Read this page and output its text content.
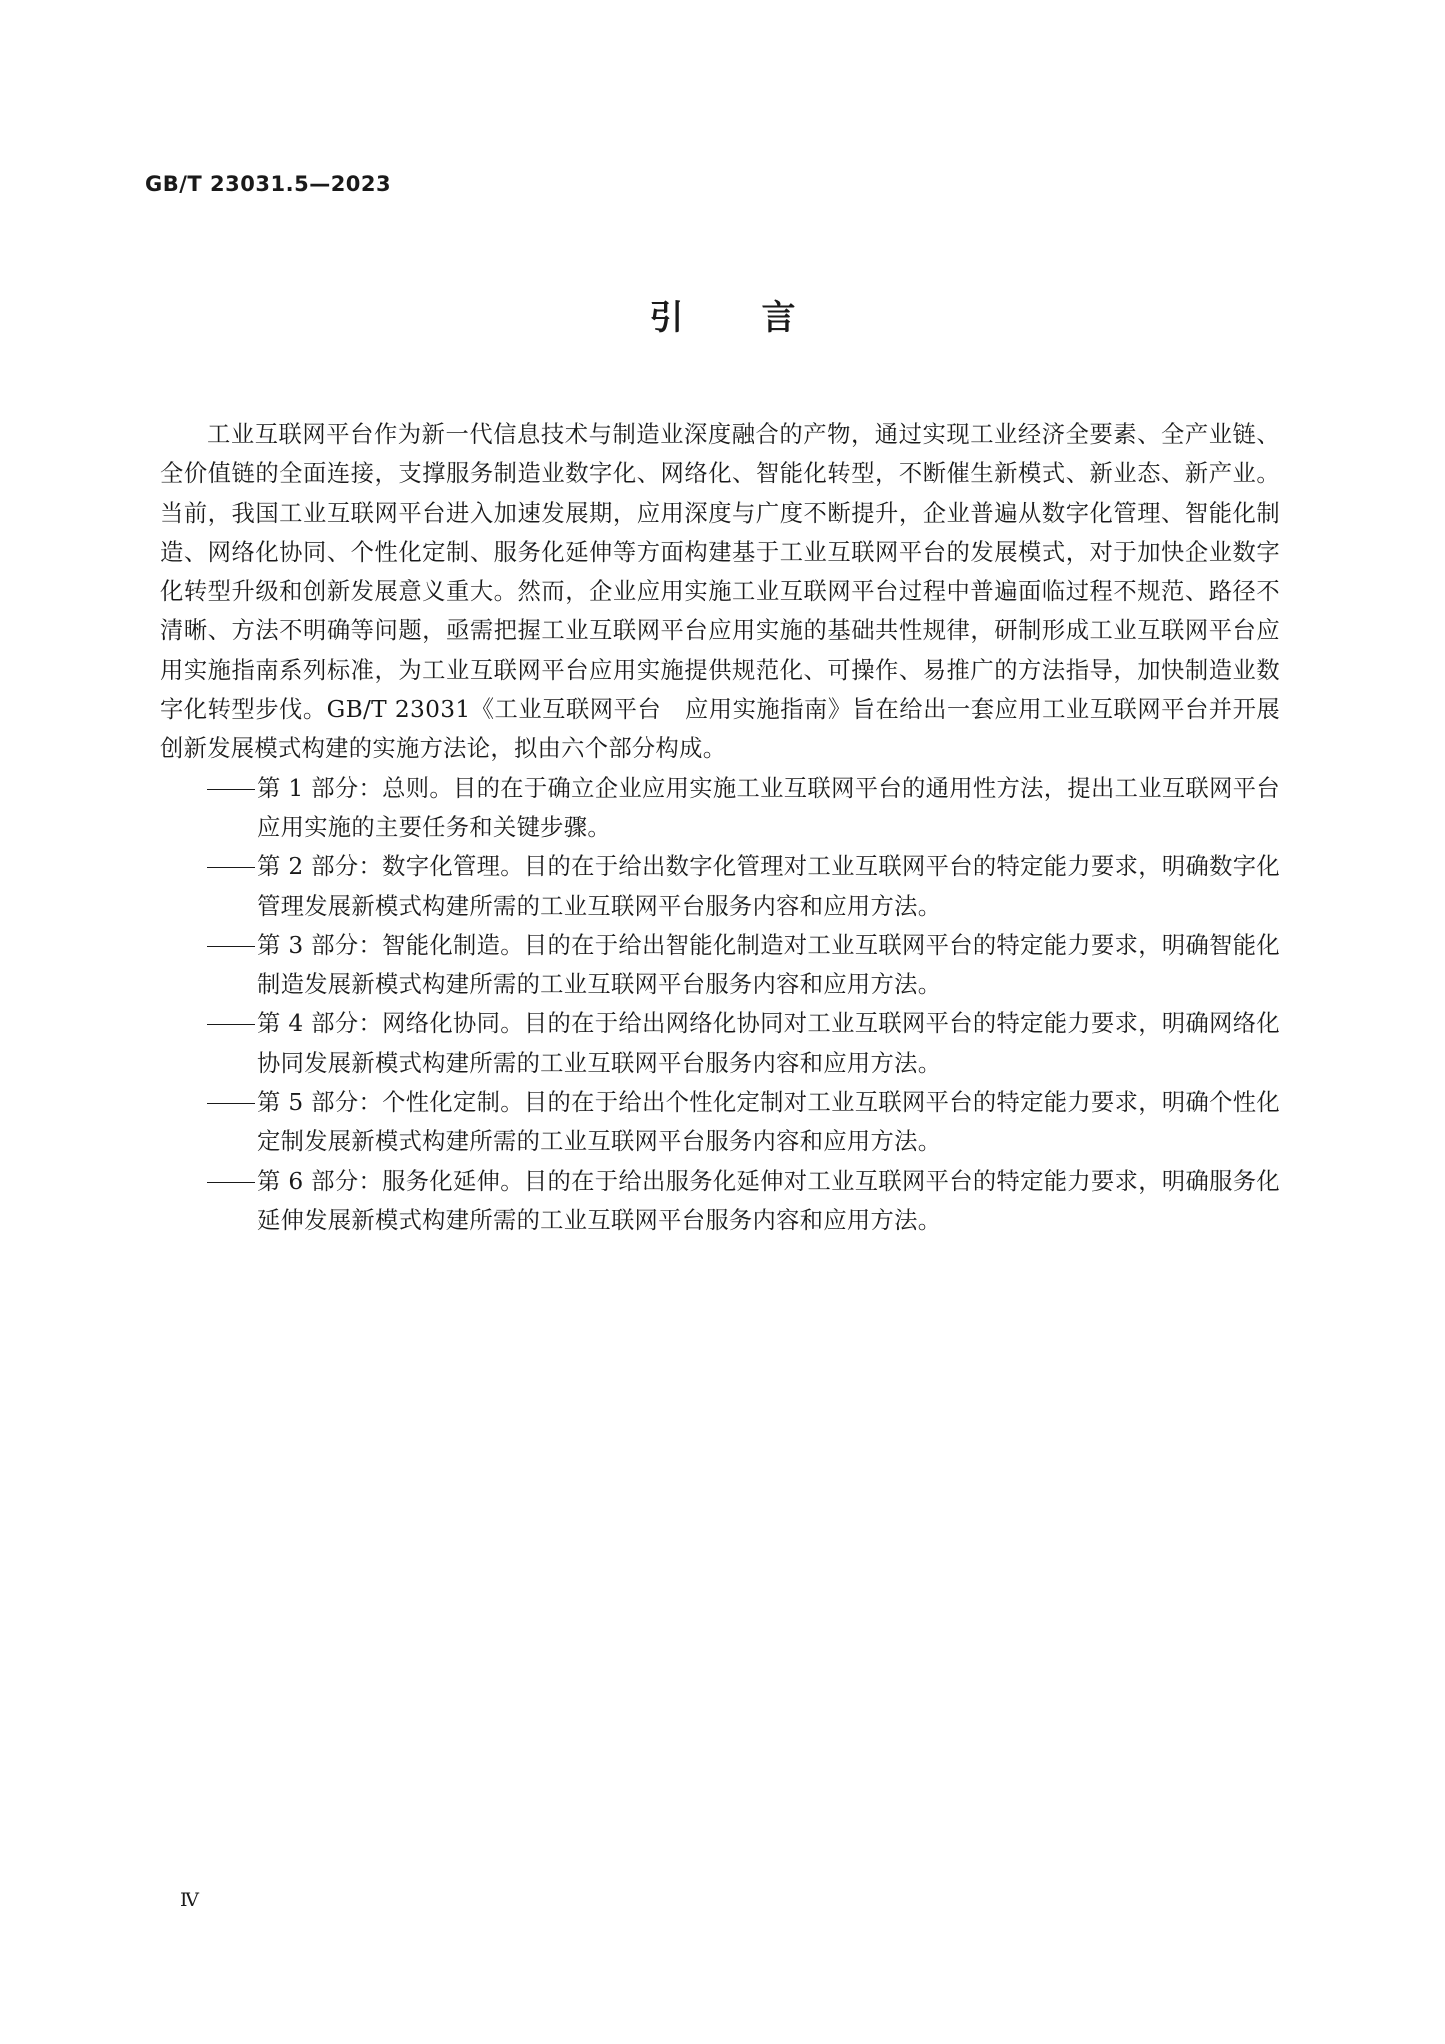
GB/T 23031.5—2023
引言

工业互联网平台作为新一代信息技术与制造业深度融合的产物，通过实现工业经济全要素、全产业链、全价值链的全面连接，支撑服务制造业数字化、网络化、智能化转型，不断催生新模式、新业态、新产业。当前，我国工业互联网平台进入加速发展期，应用深度与广度不断提升，企业普遍从数字化管理、智能化制造、网络化协同、个性化定制、服务化延伸等方面构建基于工业互联网平台的发展模式，对于加快企业数字化转型升级和创新发展意义重大。然而，企业应用实施工业互联网平台过程中普遍面临过程不规范、路径不清晰、方法不明确等问题，亟需把握工业互联网平台应用实施的基础共性规律，研制形成工业互联网平台应用实施指南系列标准，为工业互联网平台应用实施提供规范化、可操作、易推广的方法指导，加快制造业数字化转型步伐。GB/T 23031《工业互联网平台　应用实施指南》旨在给出一套应用工业互联网平台并开展创新发展模式构建的实施方法论，拟由六个部分构成。

第 1 部分：总则。目的在于确立企业应用实施工业互联网平台的通用性方法，提出工业互联网平台应用实施的主要任务和关键步骤。

第 2 部分：数字化管理。目的在于给出数字化管理对工业互联网平台的特定能力要求，明确数字化管理发展新模式构建所需的工业互联网平台服务内容和应用方法。

第 3 部分：智能化制造。目的在于给出智能化制造对工业互联网平台的特定能力要求，明确智能化制造发展新模式构建所需的工业互联网平台服务内容和应用方法。

第 4 部分：网络化协同。目的在于给出网络化协同对工业互联网平台的特定能力要求，明确网络化协同发展新模式构建所需的工业互联网平台服务内容和应用方法。

第 5 部分：个性化定制。目的在于给出个性化定制对工业互联网平台的特定能力要求，明确个性化定制发展新模式构建所需的工业互联网平台服务内容和应用方法。

第 6 部分：服务化延伸。目的在于给出服务化延伸对工业互联网平台的特定能力要求，明确服务化延伸发展新模式构建所需的工业互联网平台服务内容和应用方法。

Ⅳ
